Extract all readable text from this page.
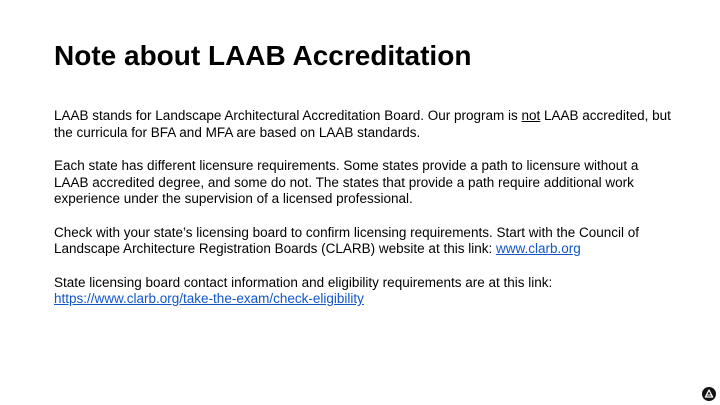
Note about LAAB Accreditation

LAAB stands for Landscape Architectural Accreditation Board. Our program is not LAAB accredited, but the curricula for BFA and MFA are based on LAAB standards.

Each state has different licensure requirements. Some states provide a path to licensure without a LAAB accredited degree, and some do not. The states that provide a path require additional work experience under the supervision of a licensed professional.

Check with your state’s licensing board to confirm licensing requirements. Start with the Council of Landscape Architecture Registration Boards (CLARB) website at this link: www.clarb.org

State licensing board contact information and eligibility requirements are at this link:
https://www.clarb.org/take-the-exam/check-eligibility
